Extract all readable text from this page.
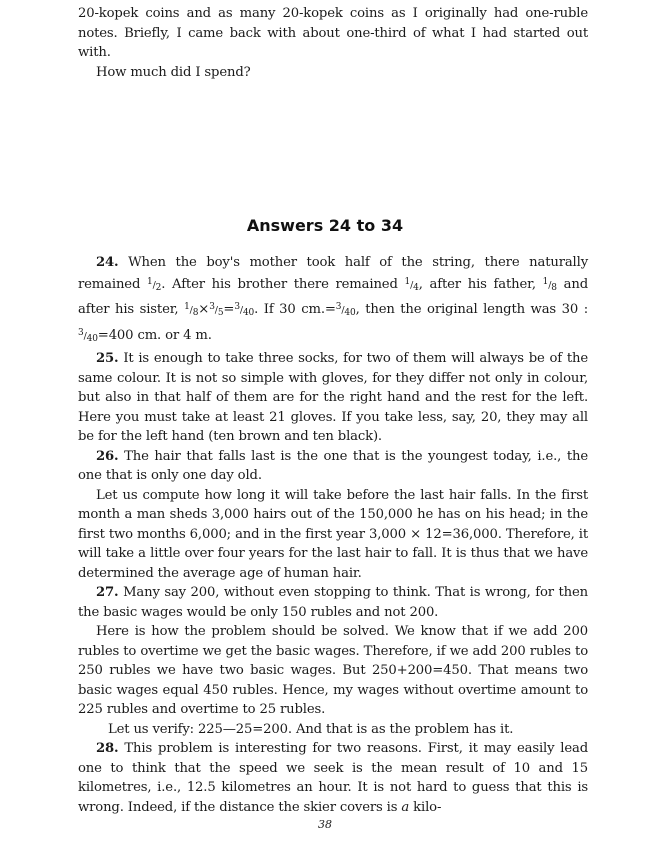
20-kopek coins and as many 20-kopek coins as I originally had one-ruble notes. Briefly, I came back with about one-third of what I had started out with.

How much did I spend?

Answers 24 to 34

24. When the boy's mother took half of the string, there naturally remained $^1/_2$. After his brother there remained $^1/_4$, after his father, $^1/_8$ and after his sister, $^1/_8\times^3/_5=^3/_{40}$. If 30 $cm.=^3/_{40}$, then the original length was 30 : $^3/_{40}=400$ cm. or 4 m.

25. It is enough to take three socks, for two of them will always be of the same colour. It is not so simple with gloves, for they differ not only in colour, but also in that half of them are for the right hand and the rest for the left. Here you must take at least 21 gloves. If you take less, say, 20, they may all be for the left hand (ten brown and ten black).

26. The hair that falls last is the one that is the youngest today, i.e., the one that is only one day old.

Let us compute how long it will take before the last hair falls. In the first month a man sheds 3,000 hairs out of the 150,000 he has on his head; in the first two months 6,000; and in the first year 3,000 × 12=36,000. Therefore, it will take a little over four years for the last hair to fall. It is thus that we have determined the average age of human hair.

27. Many say 200, without even stopping to think. That is wrong, for then the basic wages would be only 150 rubles and not 200.

Here is how the problem should be solved. We know that if we add 200 rubles to overtime we get the basic wages. Therefore, if we add 200 rubles to 250 rubles we have two basic wages. But 250+200=450. That means two basic wages equal 450 rubles. Hence, my wages without overtime amount to 225 rubles and overtime to 25 rubles.

Let us verify: 225—25=200. And that is as the problem has it.

28. This problem is interesting for two reasons. First, it may easily lead one to think that the speed we seek is the mean result of 10 and 15 kilometres, i.e., 12.5 kilometres an hour. It is not hard to guess that this is wrong. Indeed, if the distance the skier covers is a kilo-

38
